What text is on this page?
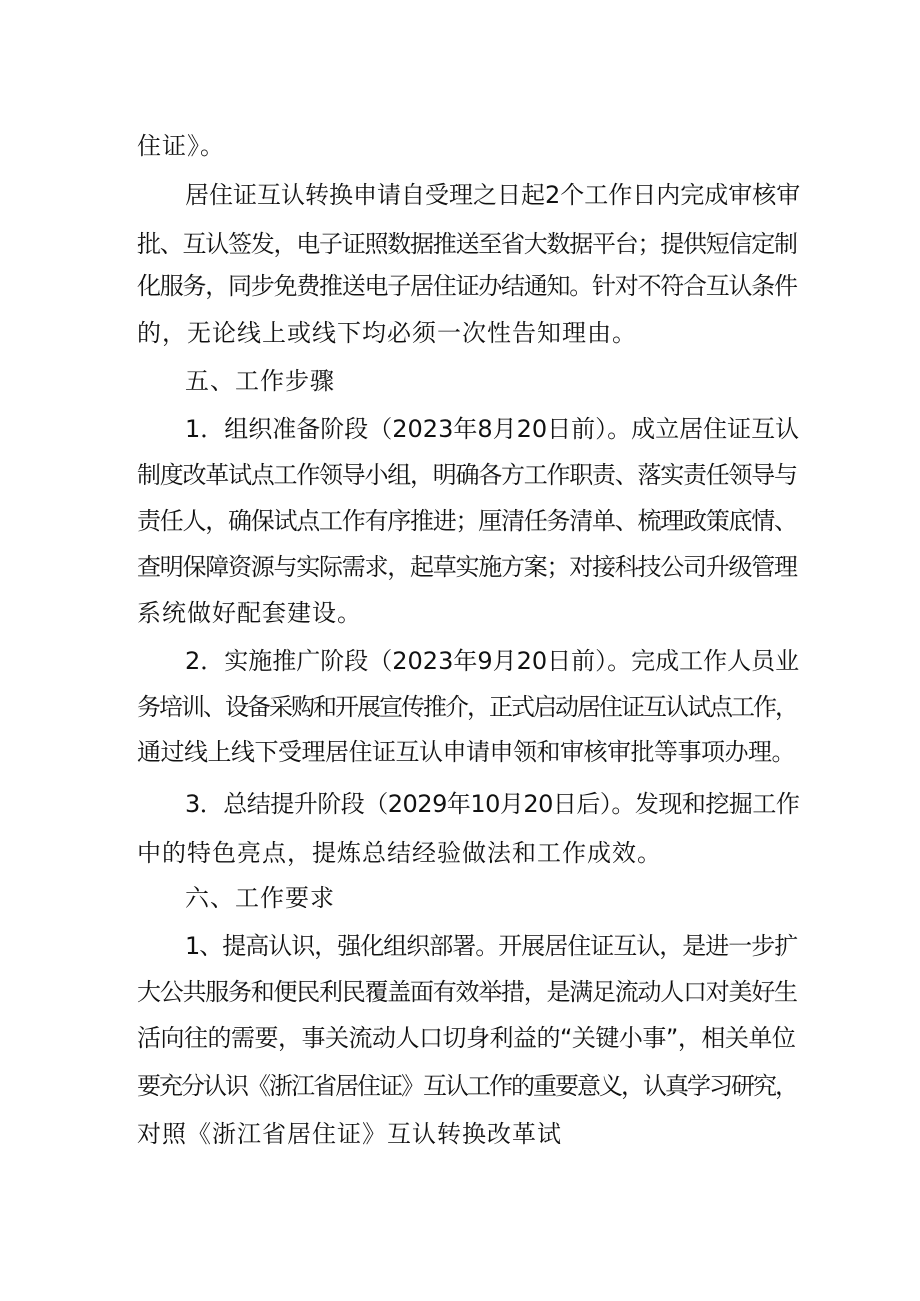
住证》。
居住证互认转换申请自受理之日起2个工作日内完成审核审
批、互认签发，电子证照数据推送至省大数据平台；提供短信定制
化服务，同步免费推送电子居住证办结通知。针对不符合互认条件
的，无论线上或线下均必须一次性告知理由。
五、工作步骤
1．组织准备阶段（2023年8月20日前）。成立居住证互认
制度改革试点工作领导小组，明确各方工作职责、落实责任领导与
责任人，确保试点工作有序推进；厘清任务清单、梳理政策底情、
查明保障资源与实际需求，起草实施方案；对接科技公司升级管理
系统做好配套建设。
2．实施推广阶段（2023年9月20日前）。完成工作人员业
务培训、设备采购和开展宣传推介，正式启动居住证互认试点工作，
通过线上线下受理居住证互认申请申领和审核审批等事项办理。
3．总结提升阶段（2029年10月20日后）。发现和挖掘工作
中的特色亮点，提炼总结经验做法和工作成效。
六、工作要求
1、提高认识，强化组织部署。开展居住证互认，是进一步扩
大公共服务和便民利民覆盖面有效举措，是满足流动人口对美好生
活向往的需要，事关流动人口切身利益的“关键小事”，相关单位
要充分认识《浙江省居住证》互认工作的重要意义，认真学习研究，
对照《浙江省居住证》互认转换改革试
